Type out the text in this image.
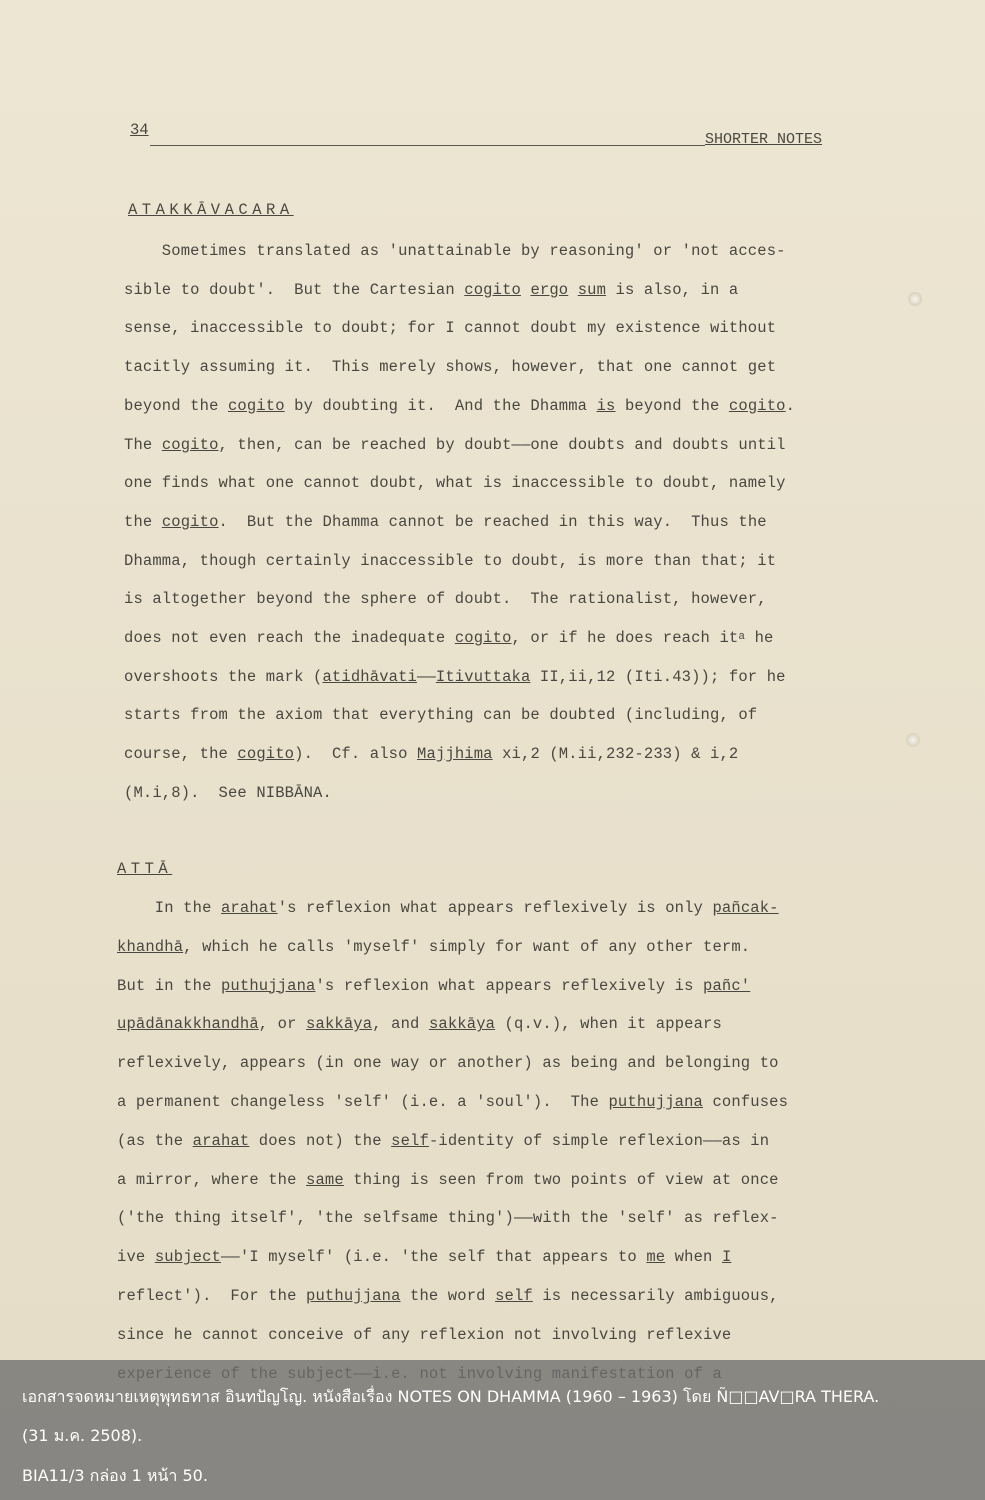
34
SHORTER NOTES
ATAKKĀVACARA
Sometimes translated as 'unattainable by reasoning' or 'not acces-
sible to doubt'.  But the Cartesian cogito ergo sum is also, in a
sense, inaccessible to doubt; for I cannot doubt my existence without
tacitly assuming it.  This merely shows, however, that one cannot get
beyond the cogito by doubting it.  And the Dhamma is beyond the cogito.
The cogito, then, can be reached by doubt——one doubts and doubts until
one finds what one cannot doubt, what is inaccessible to doubt, namely
the cogito.  But the Dhamma cannot be reached in this way.  Thus the
Dhamma, though certainly inaccessible to doubt, is more than that; it
is altogether beyond the sphere of doubt.  The rationalist, however,
does not even reach the inadequate cogito, or if he does reach $it^a$ he
overshoots the mark (atidhāvati——Itivuttaka II,ii,12 (Iti.43)); for he
starts from the axiom that everything can be doubted (including, of
course, the cogito).  Cf. also Majjhima xi,2 (M.ii,232-233) & i,2
(M.i,8).  See NIBBĀNA.
ATTĀ
In the arahat's reflexion what appears reflexively is only pañcak-
khandhā, which he calls 'myself' simply for want of any other term.
But in the puthujjana's reflexion what appears reflexively is pañc'
upādānakkhandhā, or sakkāya, and sakkāya (q.v.), when it appears
reflexively, appears (in one way or another) as being and belonging to
a permanent changeless 'self' (i.e. a 'soul').  The puthujjana confuses
(as the arahat does not) the self-identity of simple reflexion——as in
a mirror, where the same thing is seen from two points of view at once
('the thing itself', 'the selfsame thing')——with the 'self' as reflex-
ive subject——'I myself' (i.e. 'the self that appears to me when I
reflect').  For the puthujjana the word self is necessarily ambiguous,
since he cannot conceive of any reflexion not involving reflexive
เอกสารจดหมายเหตุพุทธทาส อินทปัญโญ. หนังสือเรื่อง NOTES ON DHAMMA (1960 – 1963) โดย Ñ□□AV□RA THERA.
(31 ม.ค. 2508).
BIA11/3 กล่อง 1 หน้า 50.
